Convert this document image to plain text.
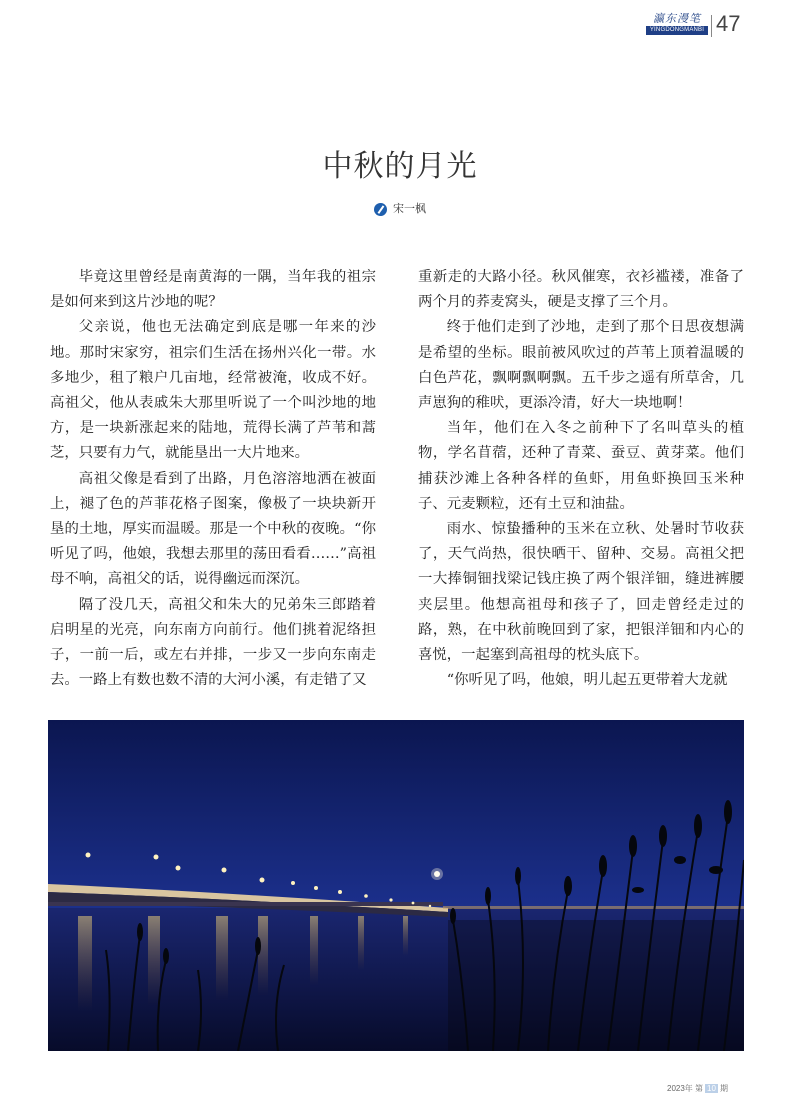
瀛东漫笔
YINGDONGMANBI 47
中秋的月光
宋一枫

毕竟这里曾经是南黄海的一隅，当年我的祖宗是如何来到这片沙地的呢？

父亲说，他也无法确定到底是哪一年来的沙地。那时宋家穷，祖宗们生活在扬州兴化一带。水多地少，租了粮户几亩地，经常被淹，收成不好。高祖父，他从表戚朱大那里听说了一个叫沙地的地方，是一块新涨起来的陆地，荒得长满了芦苇和蒿芝，只要有力气，就能垦出一大片地来。

高祖父像是看到了出路，月色溶溶地洒在被面上，褪了色的芦菲花格子图案，像极了一块块新开垦的土地，厚实而温暖。那是一个中秋的夜晚。“你听见了吗，他娘，我想去那里的荡田看看……”高祖母不响，高祖父的话，说得幽远而深沉。

隔了没几天，高祖父和朱大的兄弟朱三郎踏着启明星的光亮，向东南方向前行。他们挑着泥络担子，一前一后，或左右并排，一步又一步向东南走去。一路上有数也数不清的大河小溪，有走错了又

重新走的大路小径。秋风催寒，衣衫褴褛，准备了两个月的荞麦窝头，硬是支撑了三个月。

终于他们走到了沙地，走到了那个日思夜想满是希望的坐标。眼前被风吹过的芦苇上顶着温暖的白色芦花，飘啊飘啊飘。五千步之遥有所草舍，几声崽狗的稚吠，更添冷清，好大一块地啊！

当年，他们在入冬之前种下了名叫草头的植物，学名苜蓿，还种了青菜、蚕豆、黄芽菜。他们捕获沙滩上各种各样的鱼虾，用鱼虾换回玉米种子、元麦颗粒，还有土豆和油盐。

雨水、惊蛰播种的玉米在立秋、处暑时节收获了，天气尚热，很快晒干、留种、交易。高祖父把一大捧铜钿找梁记钱庄换了两个银洋钿，缝进裤腰夹层里。他想高祖母和孩子了，回走曾经走过的路，熟，在中秋前晚回到了家，把银洋钿和内心的喜悦，一起塞到高祖母的枕头底下。

“你听见了吗，他娘，明儿起五更带着大龙就

2023年 第 10 期
